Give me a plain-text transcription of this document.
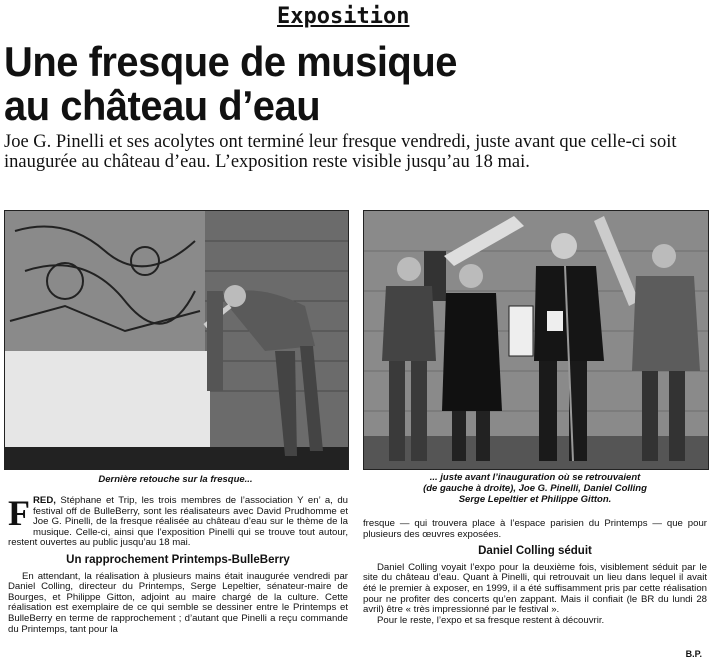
Exposition
Une fresque de musique
au château d’eau
Joe G. Pinelli et ses acolytes ont terminé leur fresque vendredi, juste avant que celle-ci soit inaugurée au château d’eau. L’exposition reste visible jusqu’au 18 mai.
Dernière retouche sur la fresque...	... juste avant l’inauguration où se retrouvaient
(de gauche à droite), Joe G. Pinelli, Daniel Colling
Serge Lepeltier et Philippe Gitton.
FRED, Stéphane et Trip, les trois membres de l’association Y en’ a, du festival off de BulleBerry, sont les réalisateurs avec David Prudhomme et Joe G. Pinelli, de la fresque réalisée au château d’eau sur le thème de la musique. Celle-ci, ainsi que l’exposition Pinelli qui se trouve tout autour, restent ouvertes au public jusqu’au 18 mai.
Un rapprochement Printemps-BulleBerry

En attendant, la réalisation à plusieurs mains était inaugurée vendredi par Daniel Colling, directeur du Printemps, Serge Lepeltier, sénateur-maire de Bourges, et Philippe Gitton, adjoint au maire chargé de la culture. Cette réalisation est exemplaire de ce qui semble se dessiner entre le Printemps et BulleBerry en terme de rapprochement ; d’autant que Pinelli a reçu commande du Printemps, tant pour la

fresque — qui trouvera place à l’espace parisien du Printemps — que pour plusieurs des œuvres exposées.

Daniel Colling séduit

Daniel Colling voyait l’expo pour la deuxième fois, visiblement séduit par le site du château d’eau. Quant à Pinelli, qui retrouvait un lieu dans lequel il avait été le premier à exposer, en 1999, il a été suffisamment pris par cette réalisation pour ne profiter des concerts qu’en zappant. Mais il confiait (le BR du lundi 28 avril) être « très impressionné par le festival ».

Pour le reste, l’expo et sa fresque restent à découvrir.

B.P.
